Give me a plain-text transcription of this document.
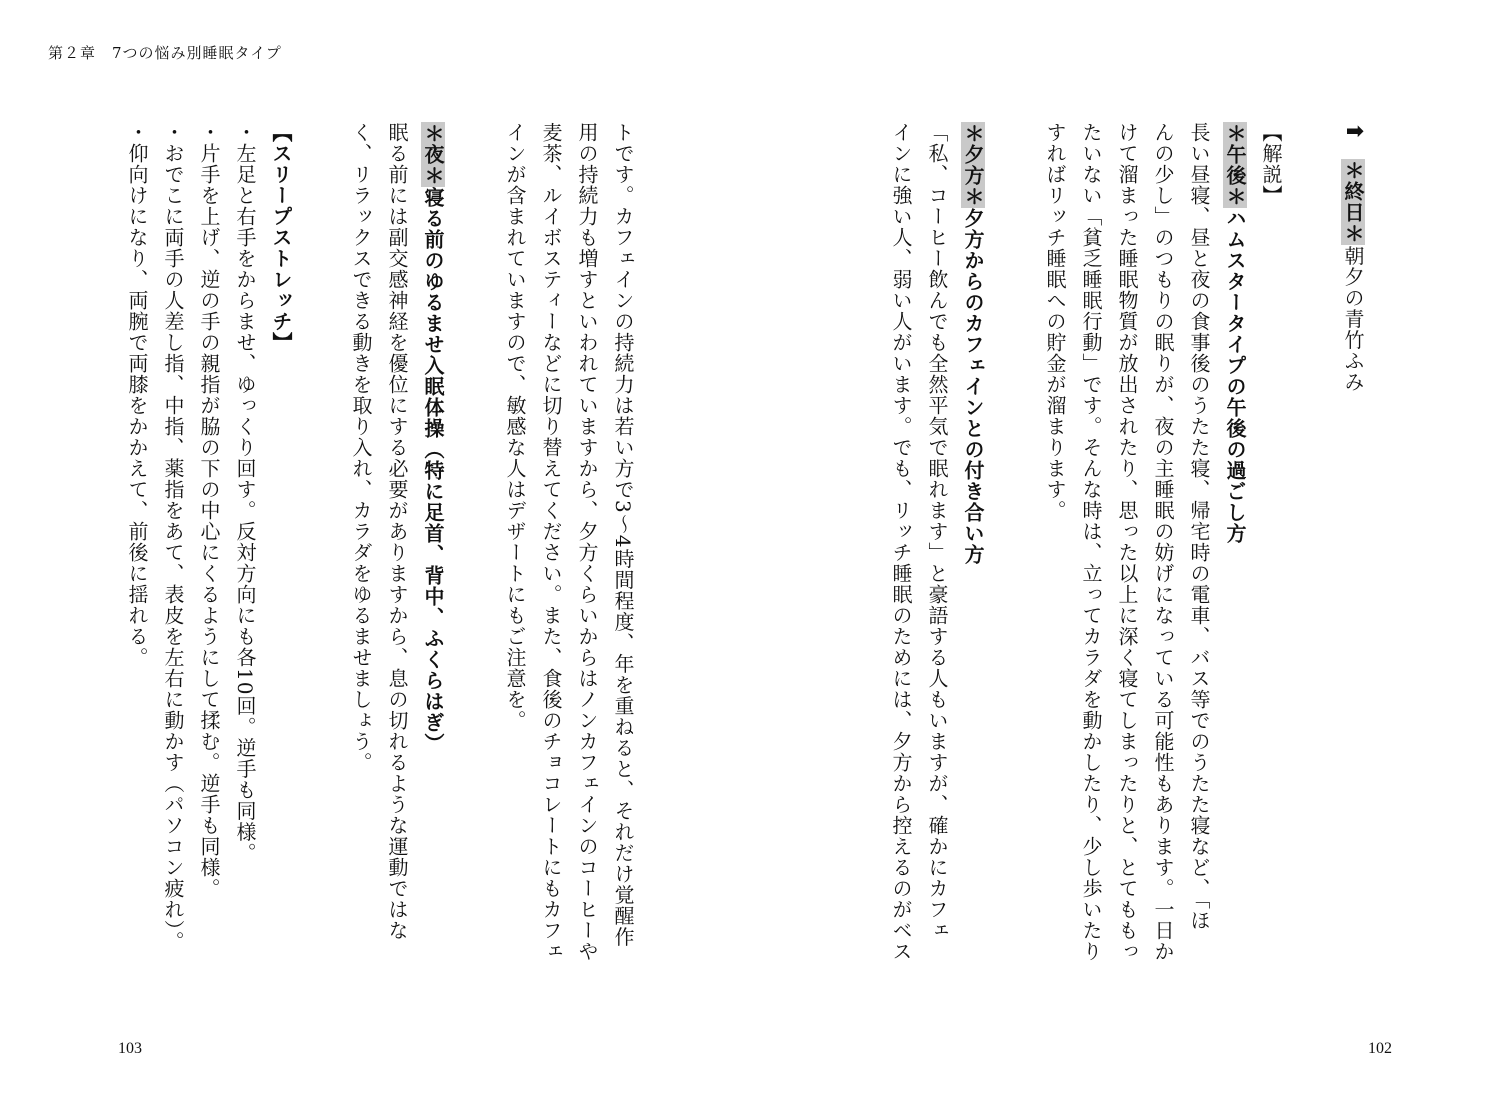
第２章　7つの悩み別睡眠タイプ
⬆＊終日＊朝夕の青竹ふみ
【解説】
＊午後＊ハムスタータイプの午後の過ごし方
長い昼寝、昼と夜の食事後のうたた寝、帰宅時の電車、バス等でのうたた寝など、「ほ
んの少し」のつもりの眠りが、夜の主睡眠の妨げになっている可能性もあります。一日か
けて溜まった睡眠物質が放出されたり、思った以上に深く寝てしまったりと、とてももっ
たいない「貧乏睡眠行動」です。そんな時は、立ってカラダを動かしたり、少し歩いたり
すればリッチ睡眠への貯金が溜まります。
＊夕方＊夕方からのカフェインとの付き合い方
「私、コーヒー飲んでも全然平気で眠れます」と豪語する人もいますが、確かにカフェ
インに強い人、弱い人がいます。でも、リッチ睡眠のためには、夕方から控えるのがベス
トです。カフェインの持続力は若い方で3～4時間程度、年を重ねると、それだけ覚醒作
用の持続力も増すといわれていますから、夕方くらいからはノンカフェインのコーヒーや
麦茶、ルイボスティーなどに切り替えてください。また、食後のチョコレートにもカフェ
インが含まれていますので、敏感な人はデザートにもご注意を。
＊夜＊寝る前のゆるませ入眠体操（特に足首、背中、ふくらはぎ）
眠る前には副交感神経を優位にする必要がありますから、息の切れるような運動ではな
く、リラックスできる動きを取り入れ、カラダをゆるませましょう。
【スリープストレッチ】
・左足と右手をからませ、ゆっくり回す。反対方向にも各10回。逆手も同様。
・片手を上げ、逆の手の親指が脇の下の中心にくるようにして揉む。逆手も同様。
・おでこに両手の人差し指、中指、薬指をあて、表皮を左右に動かす（パソコン疲れ）。
・仰向けになり、両腕で両膝をかかえて、前後に揺れる。
103	102
